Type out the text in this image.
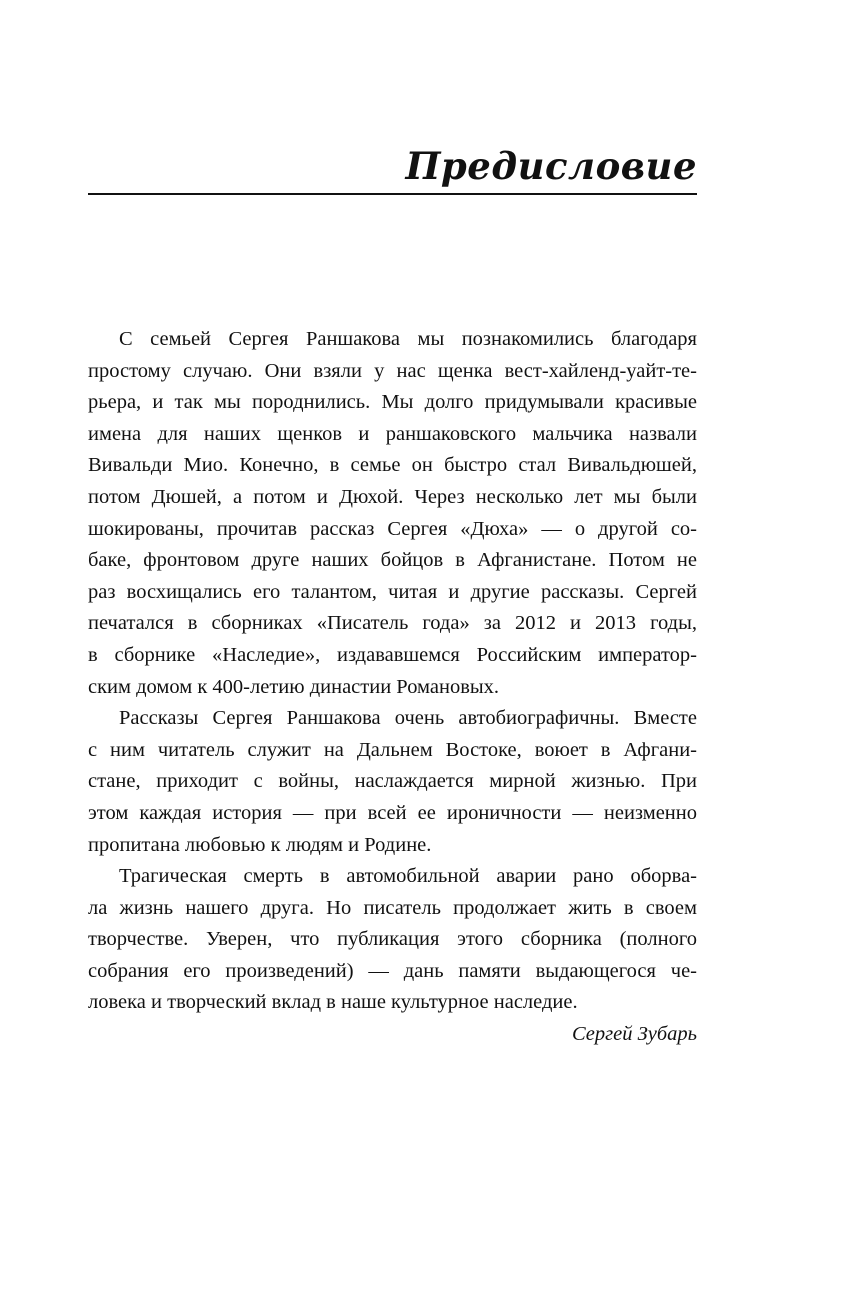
Предисловие
С семьей Сергея Раншакова мы познакомились благодаря
простому случаю. Они взяли у нас щенка вест-хайленд-уайт-те-
рьера, и так мы породнились. Мы долго придумывали красивые
имена для наших щенков и раншаковского мальчика назвали
Вивальди Мио. Конечно, в семье он быстро стал Вивальдюшей,
потом Дюшей, а потом и Дюхой. Через несколько лет мы были
шокированы, прочитав рассказ Сергея «Дюха» — о другой со-
баке, фронтовом друге наших бойцов в Афганистане. Потом не
раз восхищались его талантом, читая и другие рассказы. Сергей
печатался в сборниках «Писатель года» за 2012 и 2013 годы,
в сборнике «Наследие», издававшемся Российским император-
ским домом к 400-летию династии Романовых.
Рассказы Сергея Раншакова очень автобиографичны. Вместе
с ним читатель служит на Дальнем Востоке, воюет в Афгани-
стане, приходит с войны, наслаждается мирной жизнью. При
этом каждая история — при всей ее ироничности — неизменно
пропитана любовью к людям и Родине.
Трагическая смерть в автомобильной аварии рано оборва-
ла жизнь нашего друга. Но писатель продолжает жить в своем
творчестве. Уверен, что публикация этого сборника (полного
собрания его произведений) — дань памяти выдающегося че-
ловека и творческий вклад в наше культурное наследие.
Сергей Зубарь
